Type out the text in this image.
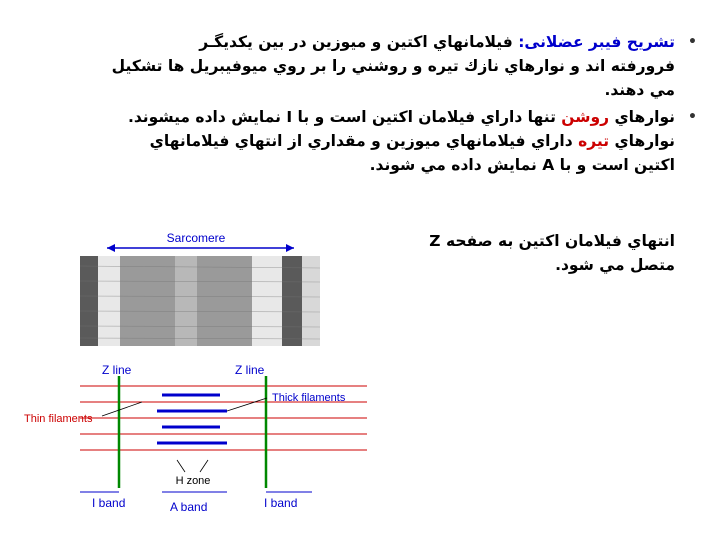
•
تشريح فيبر عضلانى: فيلامانهاي اكتين و ميوزين در بين يكديگـر
فرورفته اند و نوارهاي نازك تيره و روشني را بر روي ميوفيبريل ها تشكيل
مي دهند.
•
نوارهاي روشن تنها داراي فيلامان اكتين است و با I نمايش داده ميشوند.
نوارهاي تيره داراي فيلامانهاي ميوزين و مقداري از انتهاي فيلامانهاي
اكتين است و با A نمايش داده مي شوند.
انتهاي فيلامان اكتين به صفحه Z
متصل مي شود.
Sarcomere
Z line	Z line
Thick filaments
Thin filaments
H zone
I band	A band	I band
